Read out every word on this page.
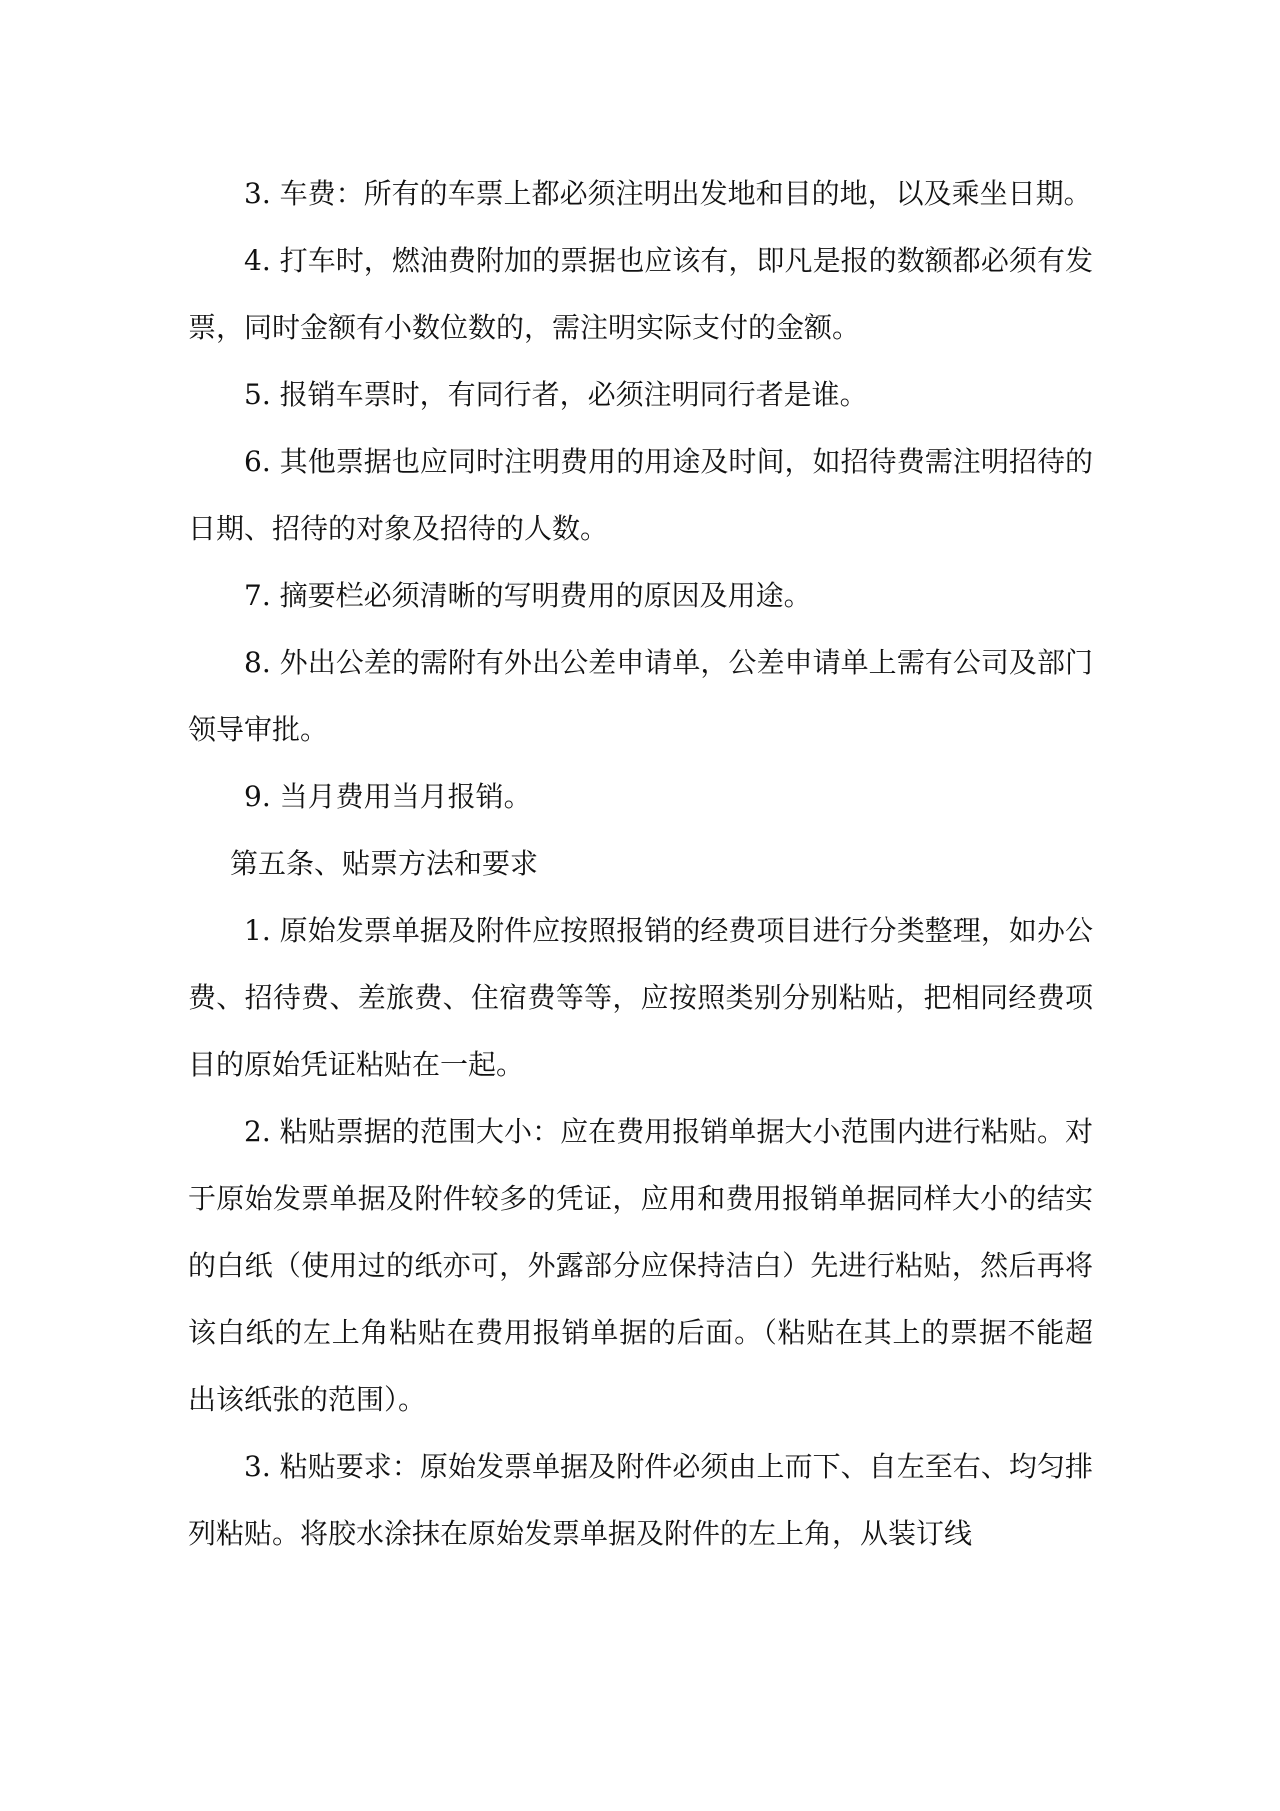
3. 车费：所有的车票上都必须注明出发地和目的地，以及乘坐日期。

4. 打车时，燃油费附加的票据也应该有，即凡是报的数额都必须有发票，同时金额有小数位数的，需注明实际支付的金额。

5. 报销车票时，有同行者，必须注明同行者是谁。

6. 其他票据也应同时注明费用的用途及时间，如招待费需注明招待的日期、招待的对象及招待的人数。

7. 摘要栏必须清晰的写明费用的原因及用途。

8. 外出公差的需附有外出公差申请单，公差申请单上需有公司及部门领导审批。

9. 当月费用当月报销。

第五条、贴票方法和要求

1. 原始发票单据及附件应按照报销的经费项目进行分类整理，如办公费、招待费、差旅费、住宿费等等，应按照类别分别粘贴，把相同经费项目的原始凭证粘贴在一起。

2. 粘贴票据的范围大小：应在费用报销单据大小范围内进行粘贴。对于原始发票单据及附件较多的凭证，应用和费用报销单据同样大小的结实的白纸（使用过的纸亦可，外露部分应保持洁白）先进行粘贴，然后再将该白纸的左上角粘贴在费用报销单据的后面。（粘贴在其上的票据不能超出该纸张的范围）。

3. 粘贴要求：原始发票单据及附件必须由上而下、自左至右、均匀排列粘贴。将胶水涂抹在原始发票单据及附件的左上角，从装订线
